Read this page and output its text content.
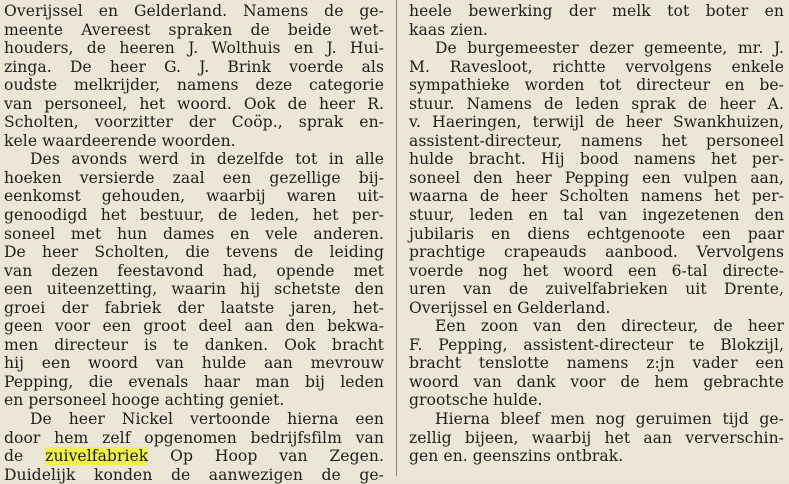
Overijssel en Gelderland. Namens de ge-
meente Avereest spraken de beide wet-
houders, de heeren J. Wolthuis en J. Hui-
zinga. De heer G. J. Brink voerde als
oudste melkrijder, namens deze categorie
van personeel, het woord. Ook de heer R.
Scholten, voorzitter der Coöp., sprak en-
kele waardeerende woorden.
Des avonds werd in dezelfde tot in alle
hoeken versierde zaal een gezellige bij-
eenkomst gehouden, waarbij waren uit-
genoodigd het bestuur, de leden, het per-
soneel met hun dames en vele anderen.
De heer Scholten, die tevens de leiding
van dezen feestavond had, opende met
een uiteenzetting, waarin hij schetste den
groei der fabriek der laatste jaren, het-
geen voor een groot deel aan den bekwa-
men directeur is te danken. Ook bracht
hij een woord van hulde aan mevrouw
Pepping, die evenals haar man bij leden
en personeel hooge achting geniet.
De heer Nickel vertoonde hierna een
door hem zelf opgenomen bedrijfsfilm van
de zuivelfabriek Op Hoop van Zegen.
Duidelijk konden de aanwezigen de ge-
heele bewerking der melk tot boter en
kaas zien.
De burgemeester dezer gemeente, mr. J.
M. Ravesloot, richtte vervolgens enkele
sympathieke worden tot directeur en be-
stuur. Namens de leden sprak de heer A.
v. Haeringen, terwijl de heer Swankhuizen,
assistent-directeur, namens het personeel
hulde bracht. Hij bood namens het per-
soneel den heer Pepping een vulpen aan,
waarna de heer Scholten namens het per-
stuur, leden en tal van ingezetenen den
jubilaris en diens echtgenoote een paar
prachtige crapeauds aanbood. Vervolgens
voerde nog het woord een 6-tal directe-
uren van de zuivelfabrieken uit Drente,
Overijssel en Gelderland.
Een zoon van den directeur, de heer
F. Pepping, assistent-directeur te Blokzijl,
bracht tenslotte namens z:jn vader een
woord van dank voor de hem gebrachte
grootsche hulde.
Hierna bleef men nog geruimen tijd ge-
zellig bijeen, waarbij het aan ververschin-
gen en. geenszins ontbrak.
